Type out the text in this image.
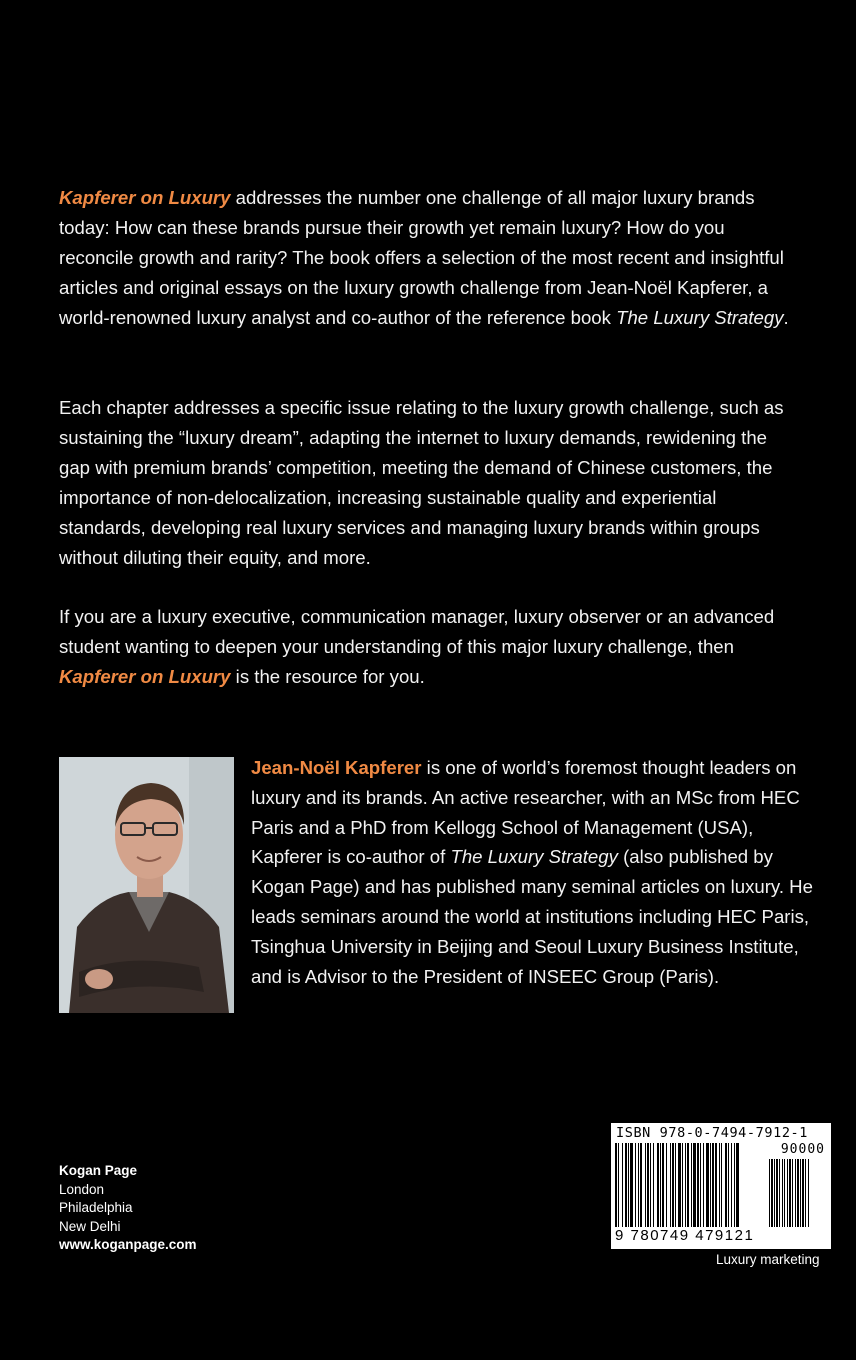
Kapferer on Luxury addresses the number one challenge of all major luxury brands today: How can these brands pursue their growth yet remain luxury? How do you reconcile growth and rarity? The book offers a selection of the most recent and insightful articles and original essays on the luxury growth challenge from Jean-Noël Kapferer, a world-renowned luxury analyst and co-author of the reference book The Luxury Strategy.

Each chapter addresses a specific issue relating to the luxury growth challenge, such as sustaining the “luxury dream”, adapting the internet to luxury demands, rewidening the gap with premium brands’ competition, meeting the demand of Chinese customers, the importance of non-delocalization, increasing sustainable quality and experiential standards, developing real luxury services and managing luxury brands within groups without diluting their equity, and more.

If you are a luxury executive, communication manager, luxury observer or an advanced student wanting to deepen your understanding of this major luxury challenge, then Kapferer on Luxury is the resource for you.

Jean-Noël Kapferer is one of world’s foremost thought leaders on luxury and its brands. An active researcher, with an MSc from HEC Paris and a PhD from Kellogg School of Management (USA), Kapferer is co-author of The Luxury Strategy (also published by Kogan Page) and has published many seminal articles on luxury. He leads seminars around the world at institutions including HEC Paris, Tsinghua University in Beijing and Seoul Luxury Business Institute, and is Advisor to the President of INSEEC Group (Paris).

Kogan Page
London
Philadelphia
New Delhi
www.koganpage.com
ISBN 978-0-7494-7912-1
90000
9 780749 479121
Luxury marketing
